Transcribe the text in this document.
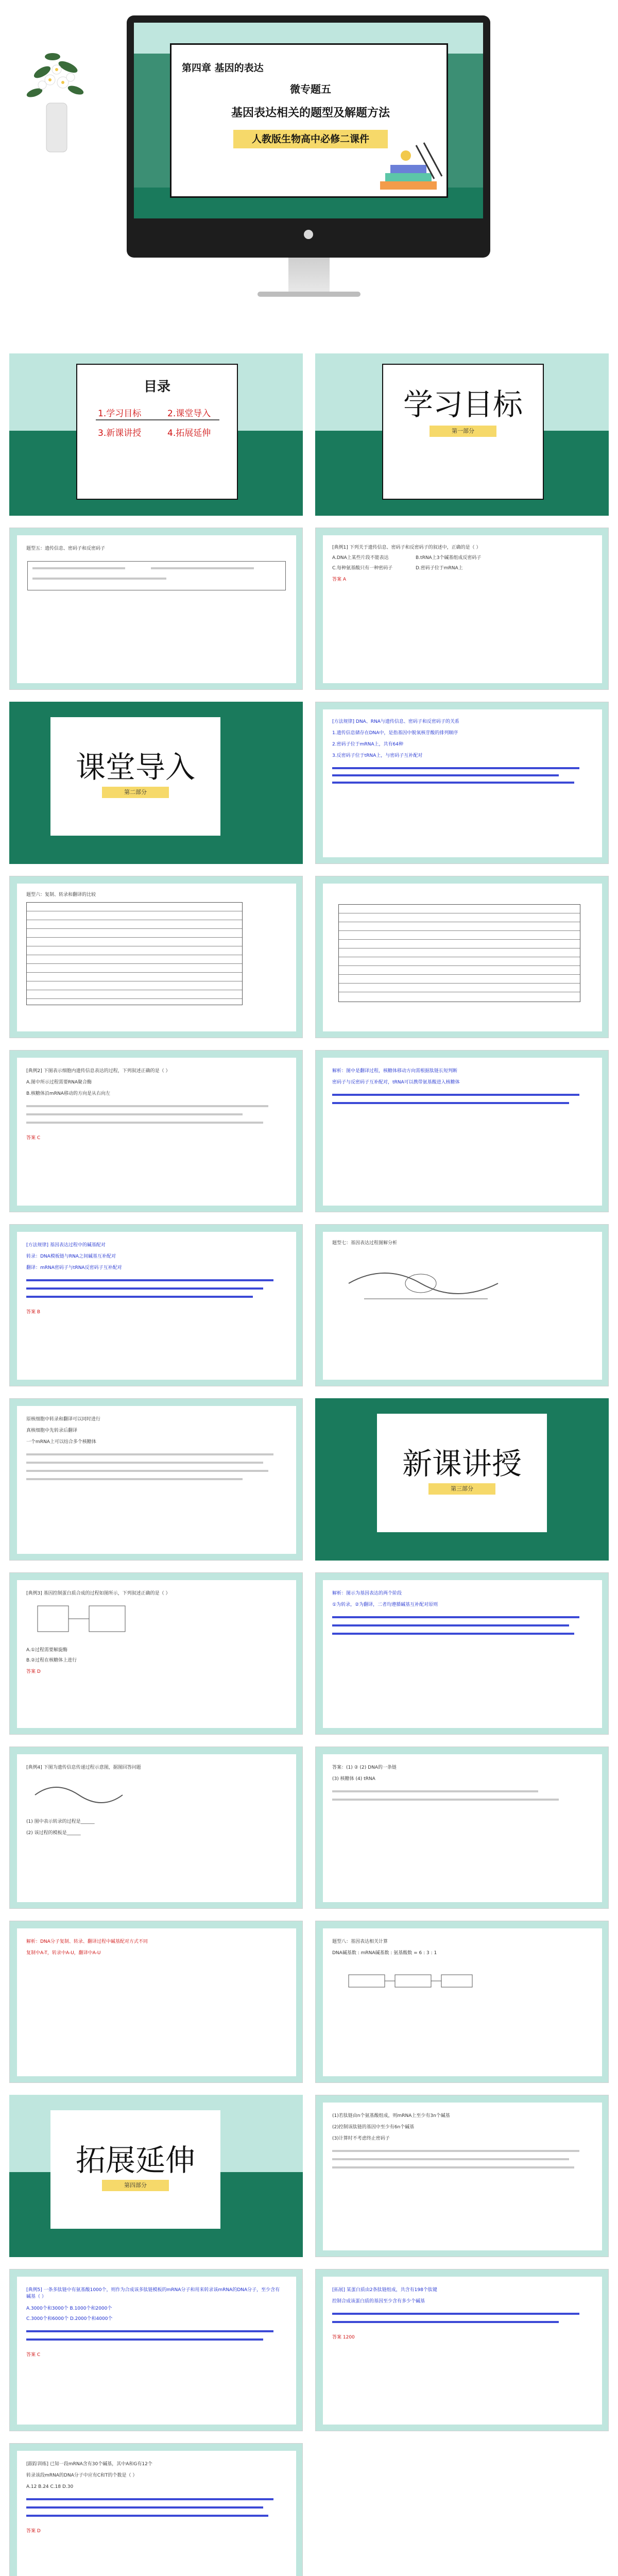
第四章 基因的表达
微专题五
基因表达相关的题型及解题方法
人教版生物高中必修二课件
目录
1.学习目标	2.课堂导入
3.新课讲授	4.拓展延伸
学习目标
第一部分
题型五：遗传信息、密码子和反密码子	[典例1] 下列关于遗传信息、密码子和反密码子的叙述中，正确的是（ ）
A.DNA上某些片段不能表达	B.tRNA上3个碱基组成反密码子
C.每种氨基酸只有一种密码子	D.密码子位于mRNA上
答案 A
课堂导入
第二部分
[方法规律] DNA、RNA与遗传信息、密码子和反密码子的关系
1.遗传信息储存在DNA中，是指基因中脱氧核苷酸的排列顺序
2.密码子位于mRNA上，共有64种
3.反密码子位于tRNA上，与密码子互补配对
题型六：复制、转录和翻译的比较
[典例2] 下图表示细胞内遗传信息表达的过程，下列叙述正确的是（ ）
A.图中所示过程需要RNA聚合酶
B.核糖体沿mRNA移动的方向是从右向左
答案 C
解析：图中是翻译过程，核糖体移动方向需根据肽链长短判断
密码子与反密码子互补配对，tRNA可以携带氨基酸进入核糖体
[方法规律] 基因表达过程中的碱基配对
转录：DNA模板链与RNA之间碱基互补配对
翻译：mRNA密码子与tRNA反密码子互补配对
答案 B
题型七：基因表达过程图解分析
原核细胞中转录和翻译可以同时进行
真核细胞中先转录后翻译
一个mRNA上可以结合多个核糖体
新课讲授
第三部分
[典例3] 基因控制蛋白质合成的过程如图所示，下列叙述正确的是（ ）
A.①过程需要解旋酶
B.②过程在核糖体上进行
答案 D
解析：图示为基因表达的两个阶段
①为转录，②为翻译，二者均遵循碱基互补配对原则
[典例4] 下图为遗传信息传递过程示意图，据图回答问题
(1) 图中表示转录的过程是______
(2) 该过程的模板是______
答案：(1) ② (2) DNA的一条链
(3) 核糖体 (4) tRNA
解析：DNA分子复制、转录、翻译过程中碱基配对方式不同
复制中A-T，转录中A-U，翻译中A-U
题型八：基因表达相关计算
DNA碱基数 : mRNA碱基数 : 氨基酸数 = 6 : 3 : 1
拓展延伸
第四部分
(1)若肽链由n个氨基酸组成，则mRNA上至少有3n个碱基
(2)控制该肽链的基因中至少有6n个碱基
(3)计算时不考虑终止密码子
[典例5] 一条多肽链中有氨基酸1000个，则作为合成该多肽链模板的mRNA分子和用来转录该mRNA的DNA分子，至少含有碱基（ ）
A.3000个和3000个 B.1000个和2000个
C.3000个和6000个 D.2000个和4000个
答案 C
[拓展] 某蛋白质由2条肽链组成，共含有198个肽键
控制合成该蛋白质的基因至少含有多少个碱基
答案 1200
[跟踪训练] 已知一段mRNA含有30个碱基，其中A和G有12个
转录该段mRNA的DNA分子中应有C和T的个数是（ ）
A.12 B.24 C.18 D.30
答案 D
